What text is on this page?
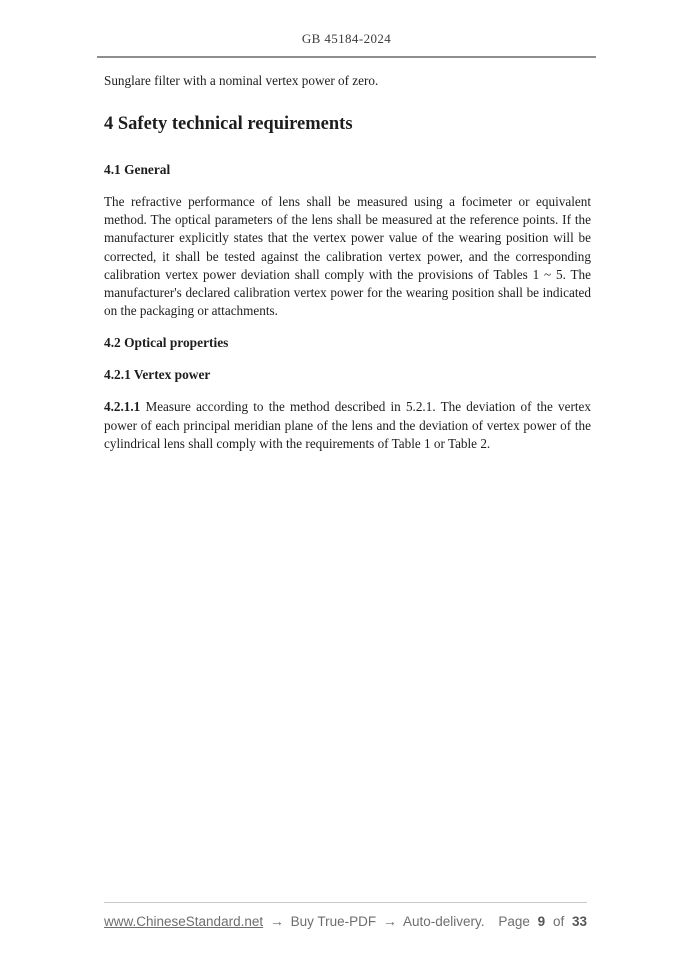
GB 45184-2024

Sunglare filter with a nominal vertex power of zero.

4 Safety technical requirements
4.1 General

The refractive performance of lens shall be measured using a focimeter or equivalent method. The optical parameters of the lens shall be measured at the reference points. If the manufacturer explicitly states that the vertex power value of the wearing position will be corrected, it shall be tested against the calibration vertex power, and the corresponding calibration vertex power deviation shall comply with the provisions of Tables 1 ~ 5. The manufacturer's declared calibration vertex power for the wearing position shall be indicated on the packaging or attachments.

4.2 Optical properties
4.2.1 Vertex power

4.2.1.1 Measure according to the method described in 5.2.1. The deviation of the vertex power of each principal meridian plane of the lens and the deviation of vertex power of the cylindrical lens shall comply with the requirements of Table 1 or Table 2.

www.ChineseStandard.net → Buy True-PDF → Auto-delivery. Page 9 of 33
